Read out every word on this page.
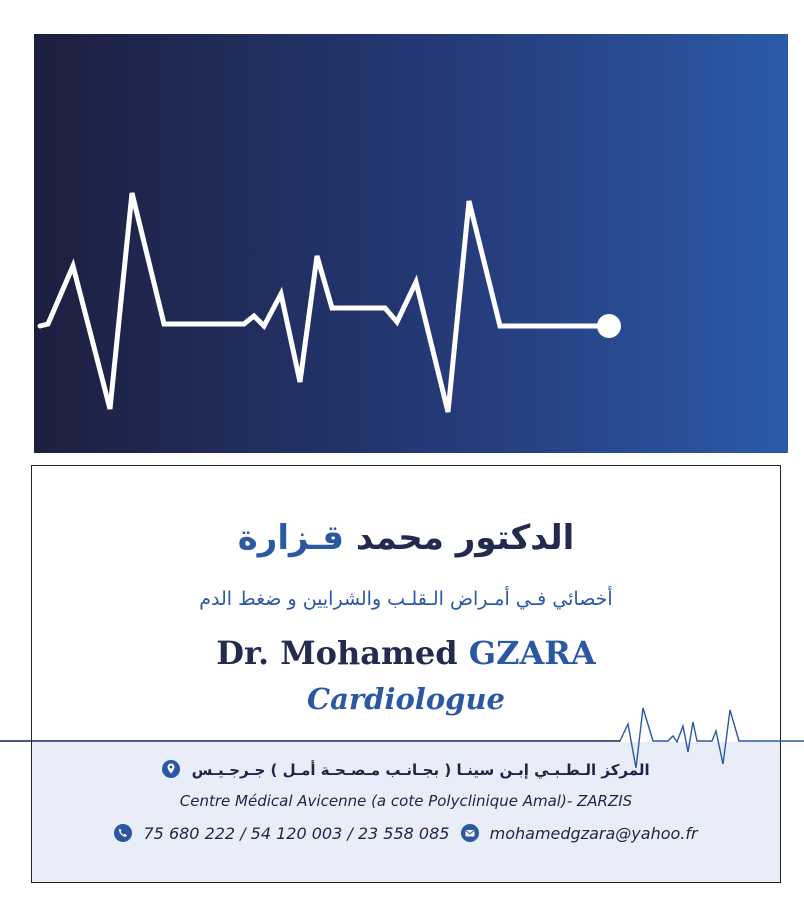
الدكتور محمد قـزارة
أخصائي فـي أمـراض الـقلـب والشرايين و ضغط الدم
Dr. Mohamed GZARA
Cardiologue
المركز الـطـبـي إبـن سينـا ( بجـانـب مـصـحـة أمـل ) جـرجـيـس
Centre Médical Avicenne (a cote Polyclinique Amal)- ZARZIS
75 680 222 / 54 120 003 / 23 558 085	mohamedgzara@yahoo.fr
